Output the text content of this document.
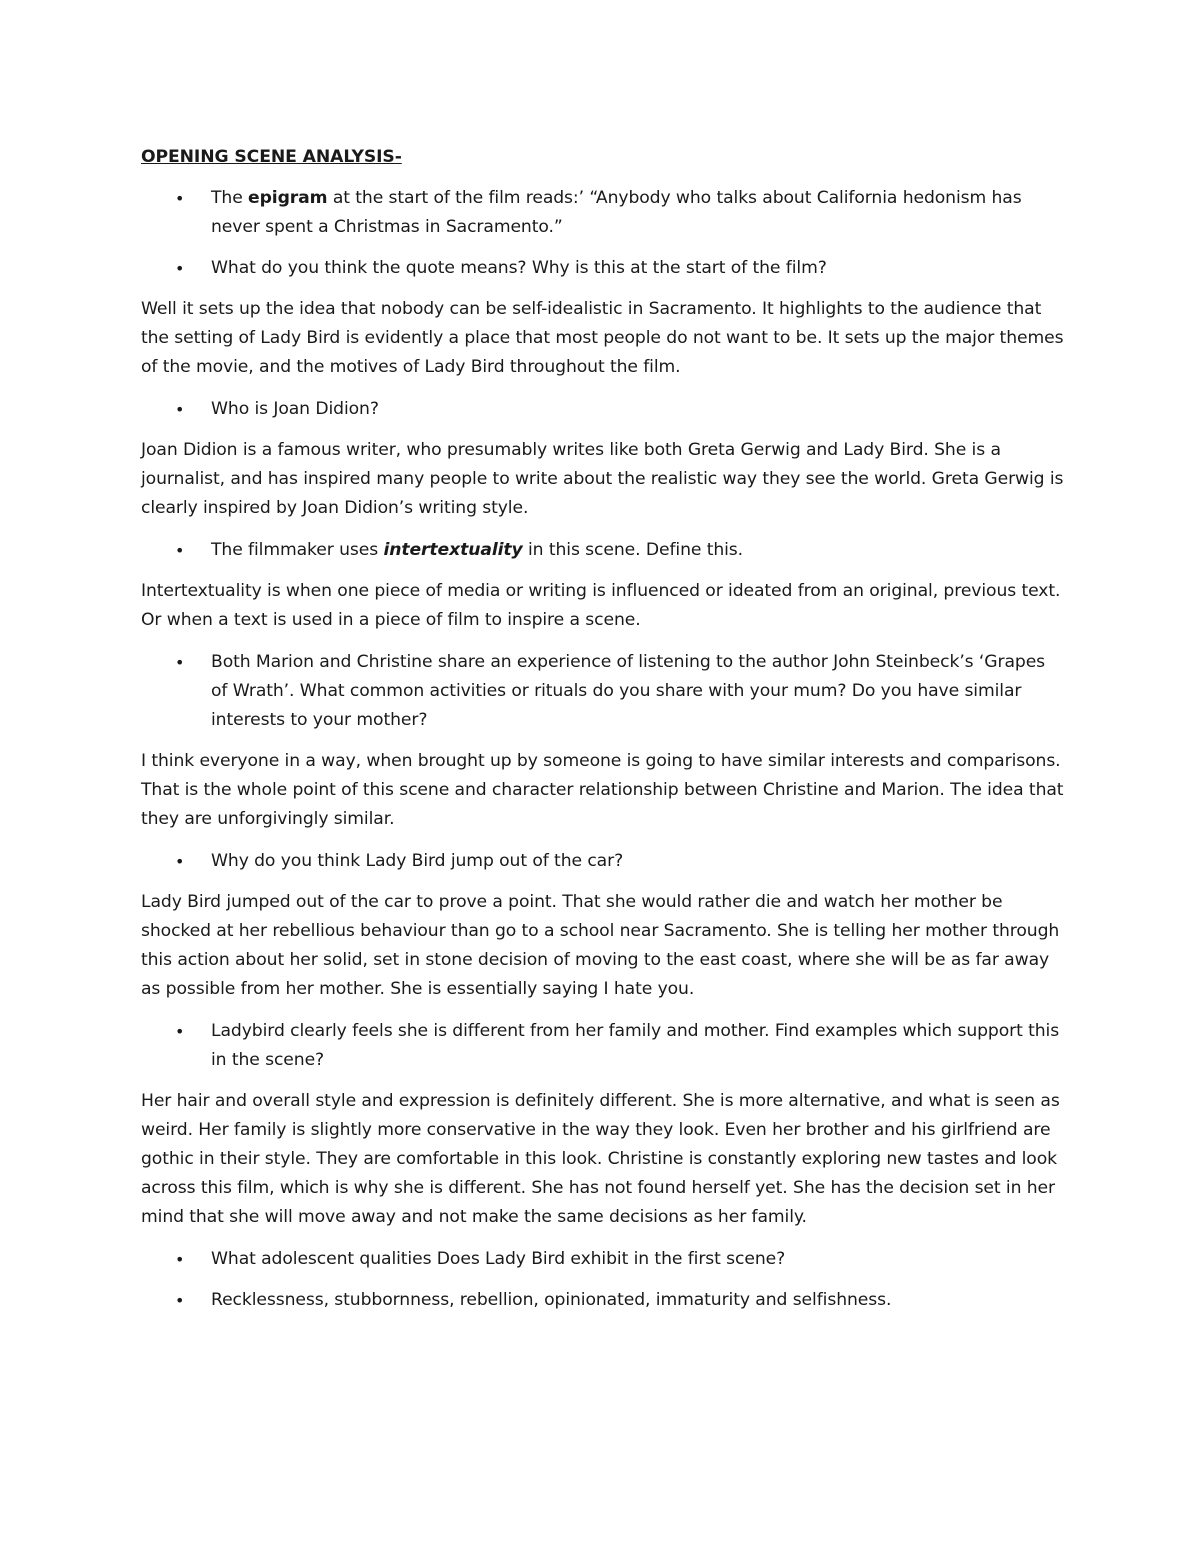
OPENING SCENE ANALYSIS-
• The epigram at the start of the film reads:’ “Anybody who talks about California hedonism has never spent a Christmas in Sacramento.”
• What do you think the quote means? Why is this at the start of the film?

Well it sets up the idea that nobody can be self-idealistic in Sacramento. It highlights to the audience that the setting of Lady Bird is evidently a place that most people do not want to be. It sets up the major themes of the movie, and the motives of Lady Bird throughout the film.

• Who is Joan Didion?

Joan Didion is a famous writer, who presumably writes like both Greta Gerwig and Lady Bird. She is a journalist, and has inspired many people to write about the realistic way they see the world. Greta Gerwig is clearly inspired by Joan Didion’s writing style.

• The filmmaker uses intertextuality in this scene. Define this.

Intertextuality is when one piece of media or writing is influenced or ideated from an original, previous text. Or when a text is used in a piece of film to inspire a scene.

• Both Marion and Christine share an experience of listening to the author John Steinbeck’s ‘Grapes of Wrath’. What common activities or rituals do you share with your mum? Do you have similar interests to your mother?

I think everyone in a way, when brought up by someone is going to have similar interests and comparisons. That is the whole point of this scene and character relationship between Christine and Marion. The idea that they are unforgivingly similar.

• Why do you think Lady Bird jump out of the car?

Lady Bird jumped out of the car to prove a point. That she would rather die and watch her mother be shocked at her rebellious behaviour than go to a school near Sacramento. She is telling her mother through this action about her solid, set in stone decision of moving to the east coast, where she will be as far away as possible from her mother. She is essentially saying I hate you.

• Ladybird clearly feels she is different from her family and mother. Find examples which support this in the scene?

Her hair and overall style and expression is definitely different. She is more alternative, and what is seen as weird. Her family is slightly more conservative in the way they look. Even her brother and his girlfriend are gothic in their style. They are comfortable in this look. Christine is constantly exploring new tastes and look across this film, which is why she is different. She has not found herself yet. She has the decision set in her mind that she will move away and not make the same decisions as her family.

• What adolescent qualities Does Lady Bird exhibit in the first scene?
• Recklessness, stubbornness, rebellion, opinionated, immaturity and selfishness.
